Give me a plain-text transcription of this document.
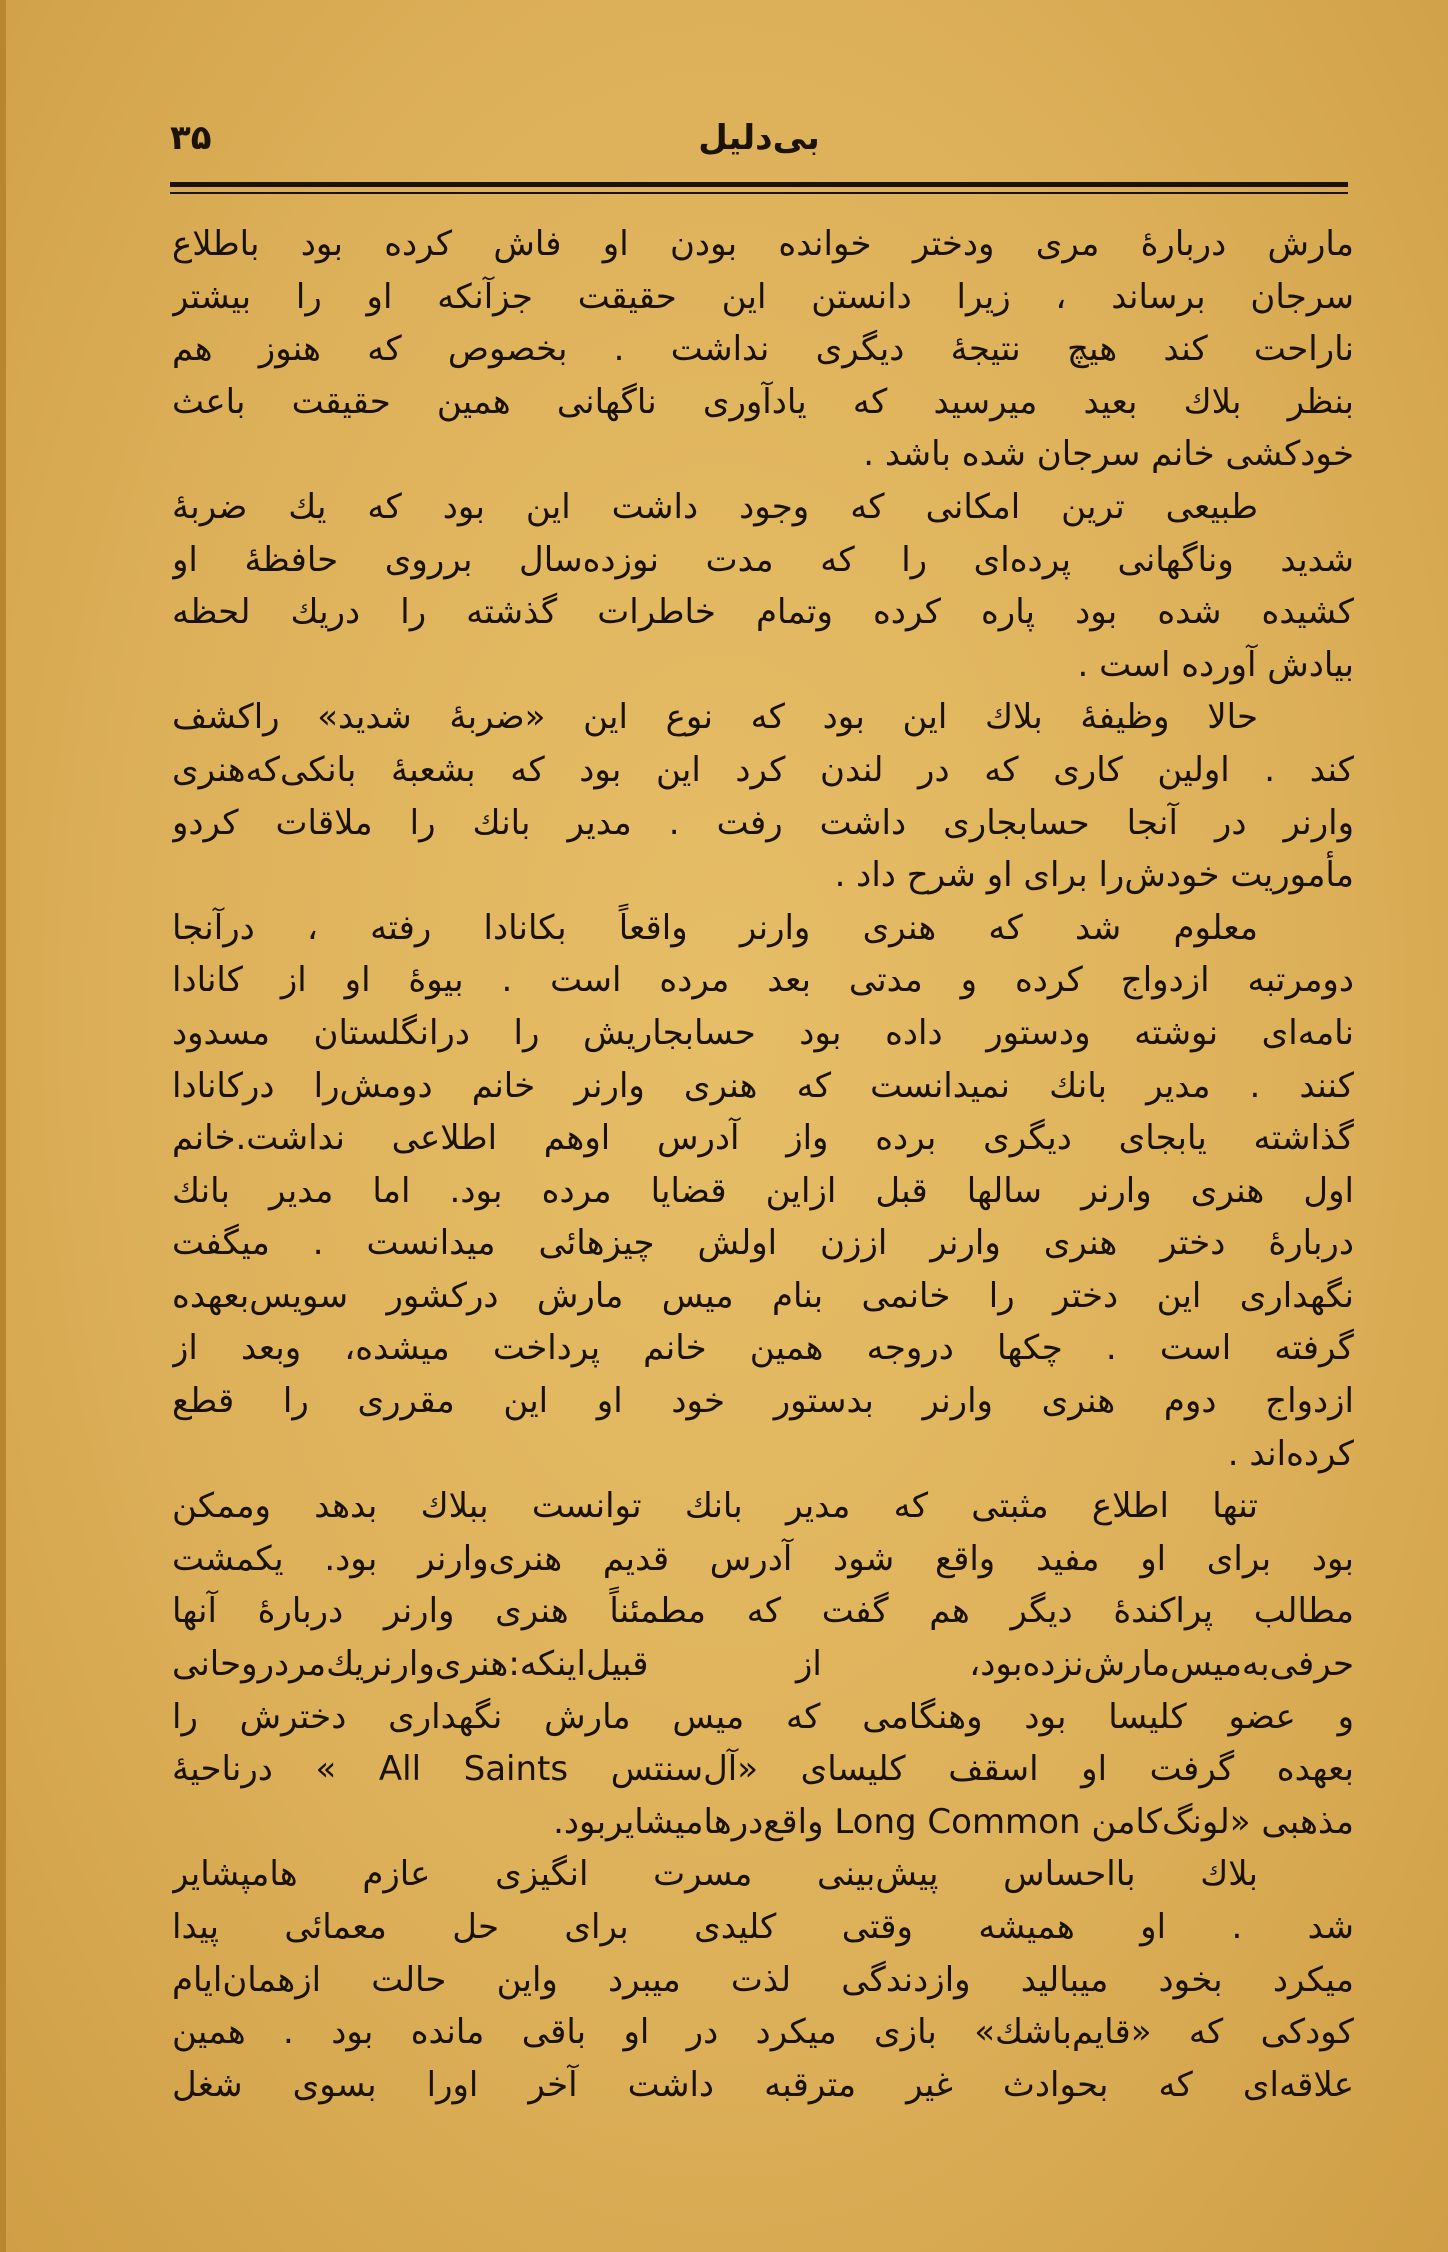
بی‌دلیل
۳۵
مارش دربارهٔ مری ودختر خوانده بودن او فاش کرده بود باطلاع
سرجان برساند ، زیرا دانستن این حقیقت جزآنکه او را بیشتر
ناراحت کند هیچ نتیجهٔ دیگری نداشت . بخصوص که هنوز هم
بنظر بلاك بعید میرسید که یادآوری ناگهانی همین حقیقت باعث
خودکشی خانم سرجان شده باشد .
طبیعی ترین امکانی که وجود داشت این بود که یك ضربهٔ
شدید وناگهانی پرده‌ای را که مدت نوزده‌سال برروی حافظهٔ او
کشیده شده بود پاره کرده وتمام خاطرات گذشته را دریك لحظه
بیادش آورده است .
حالا وظیفهٔ بلاك این بود که نوع این «ضربهٔ شدید» راکشف
کند . اولین کاری که در لندن کرد این بود که بشعبهٔ بانکی‌که‌هنری
وارنر در آنجا حسابجاری داشت رفت . مدیر بانك را ملاقات کردو
مأموریت خودش‌را برای او شرح داد .
معلوم شد که هنری وارنر واقعاً بکانادا رفته ، درآنجا
دومرتبه ازدواج کرده و مدتی بعد مرده است . بیوهٔ او از کانادا
نامه‌ای نوشته ودستور داده بود حسابجاریش را درانگلستان مسدود
کنند . مدیر بانك نمیدانست که هنری وارنر خانم دومش‌را درکانادا
گذاشته یابجای دیگری برده واز آدرس اوهم اطلاعی نداشت.خانم
اول هنری وارنر سالها قبل ازاین قضایا مرده بود. اما مدیر بانك
دربارهٔ دختر هنری وارنر اززن اولش چیزهائی میدانست . میگفت
نگهداری این دختر را خانمی بنام میس مارش درکشور سویس‌بعهده
گرفته است . چکها دروجه همین خانم پرداخت میشده، وبعد از
ازدواج دوم هنری وارنر بدستور خود او این مقرری را قطع
کرده‌اند .
تنها اطلاع مثبتی که مدیر بانك توانست ببلاك بدهد وممکن
بود برای او مفید واقع شود آدرس قدیم هنری‌وارنر بود. یکمشت
مطالب پراکندهٔ دیگر هم گفت که مطمئناً هنری وارنر دربارهٔ آنها
حرفی‌به‌میس‌مارش‌نزده‌بود، از قبیل‌اینکه:هنری‌وارنریك‌مردروحانی
و عضو کلیسا بود وهنگامی که میس مارش نگهداری دخترش را
بعهده گرفت او اسقف کلیسای «آل‌سنتس All Saints » درناحیهٔ
مذهبی «لونگ‌کامن Long Common واقع‌درهامیشایربود.
بلاك بااحساس پیش‌بینی مسرت انگیزی عازم هامپشایر
شد . او همیشه وقتی کلیدی برای حل معمائی پیدا
میکرد بخود میبالید وازدندگی لذت میبرد واین حالت ازهمان‌ایام
کودکی که «قایم‌باشك» بازی میکرد در او باقی مانده بود . همین
علاقه‌ای که بحوادث غیر مترقبه داشت آخر اورا بسوی شغل
